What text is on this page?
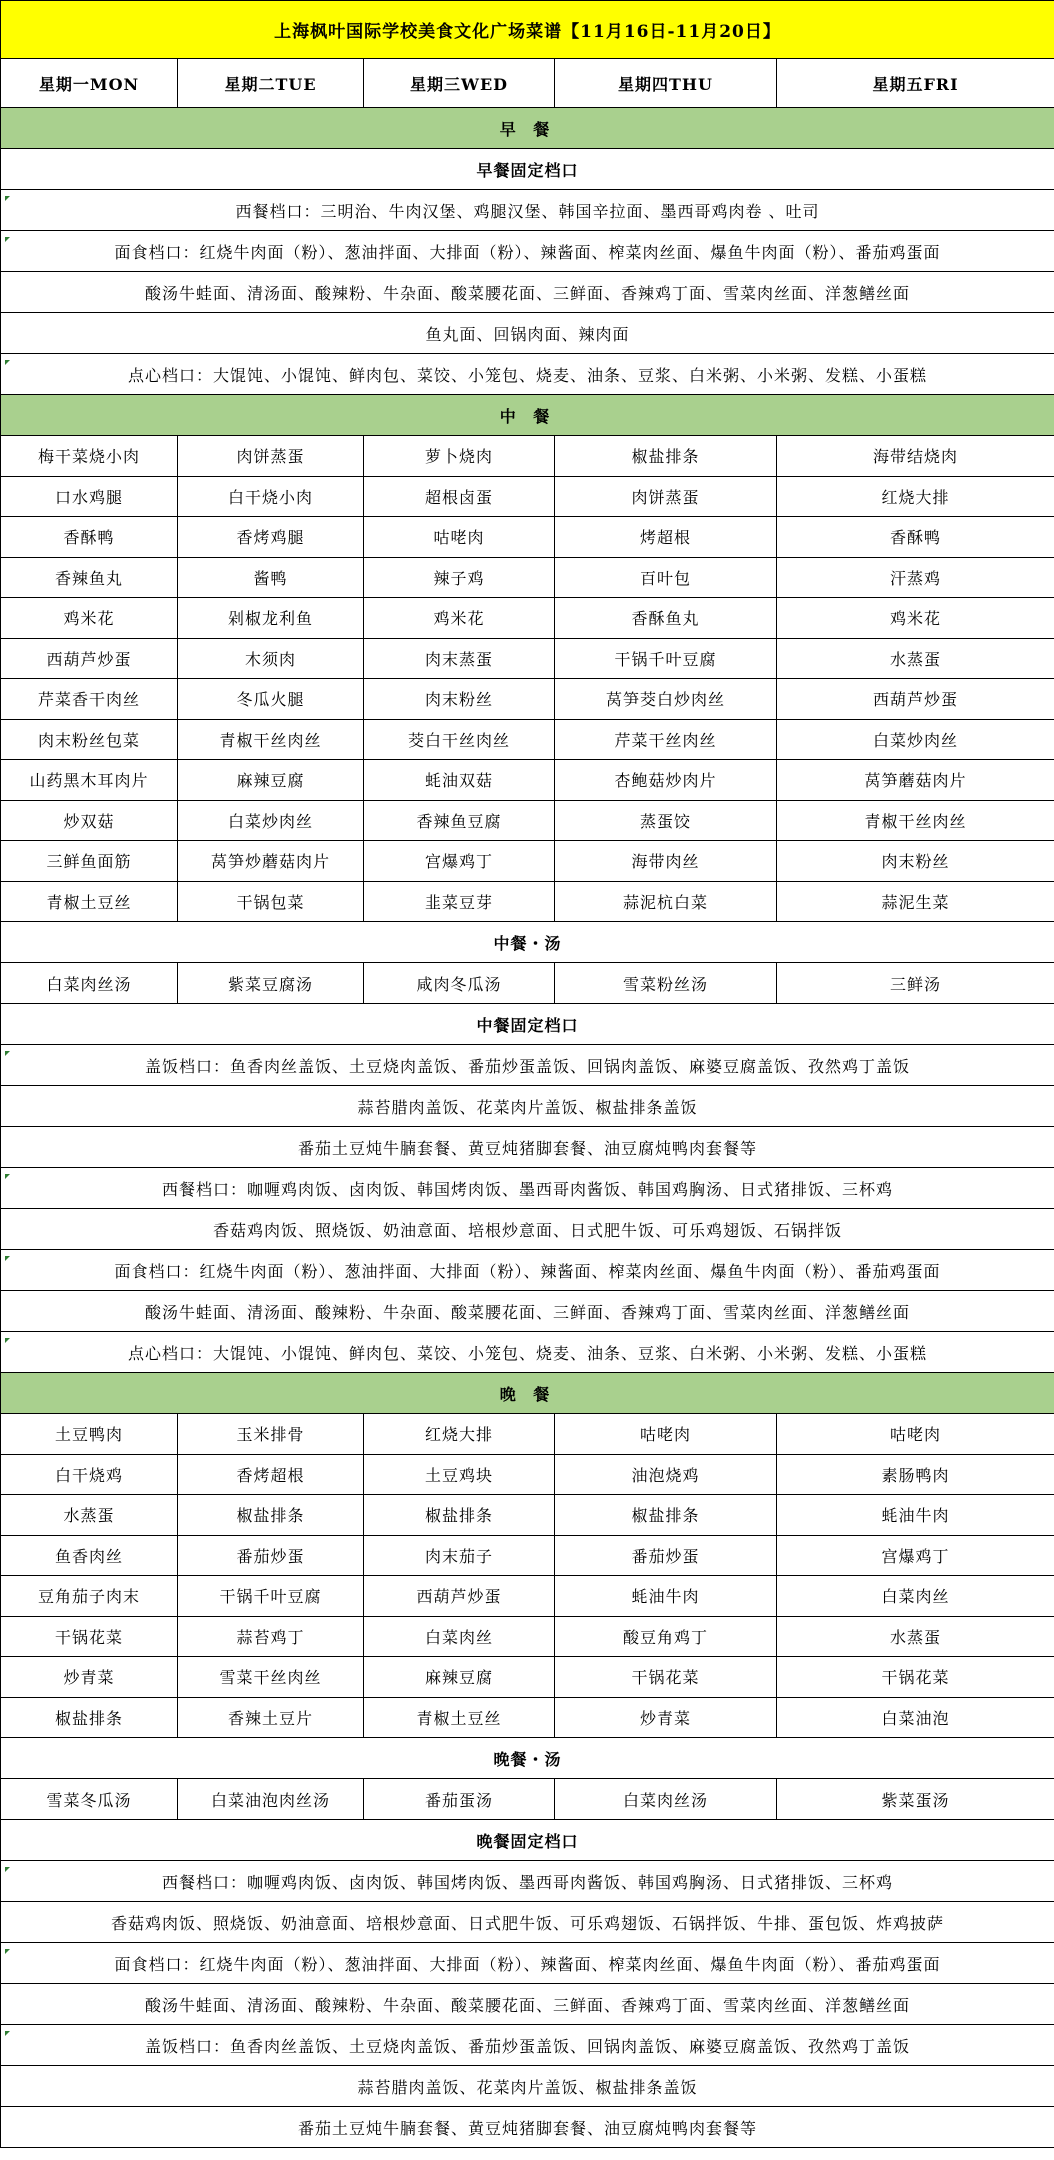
上海枫叶国际学校美食文化广场菜谱【11月16日-11月20日】				
星期一MON	星期二TUE	星期三WED	星期四THU	星期五FRI
早 餐				
早餐固定档口				
西餐档口：三明治、牛肉汉堡、鸡腿汉堡、韩国辛拉面、墨西哥鸡肉卷 、吐司				
面食档口：红烧牛肉面（粉）、葱油拌面、大排面（粉）、辣酱面、榨菜肉丝面、爆鱼牛肉面（粉）、番茄鸡蛋面				
酸汤牛蛙面、清汤面、酸辣粉、牛杂面、酸菜腰花面、三鲜面、香辣鸡丁面、雪菜肉丝面、洋葱鳝丝面				
鱼丸面、回锅肉面、辣肉面				
点心档口：大馄饨、小馄饨、鲜肉包、菜饺、小笼包、烧麦、油条、豆浆、白米粥、小米粥、发糕、小蛋糕				
中 餐				
梅干菜烧小肉	肉饼蒸蛋	萝卜烧肉	椒盐排条	海带结烧肉
口水鸡腿	白干烧小肉	超根卤蛋	肉饼蒸蛋	红烧大排
香酥鸭	香烤鸡腿	咕咾肉	烤超根	香酥鸭
香辣鱼丸	酱鸭	辣子鸡	百叶包	汗蒸鸡
鸡米花	剁椒龙利鱼	鸡米花	香酥鱼丸	鸡米花
西葫芦炒蛋	木须肉	肉末蒸蛋	干锅千叶豆腐	水蒸蛋
芹菜香干肉丝	冬瓜火腿	肉末粉丝	莴笋茭白炒肉丝	西葫芦炒蛋
肉末粉丝包菜	青椒干丝肉丝	茭白干丝肉丝	芹菜干丝肉丝	白菜炒肉丝
山药黑木耳肉片	麻辣豆腐	蚝油双菇	杏鲍菇炒肉片	莴笋蘑菇肉片
炒双菇	白菜炒肉丝	香辣鱼豆腐	蒸蛋饺	青椒干丝肉丝
三鲜鱼面筋	莴笋炒蘑菇肉片	宫爆鸡丁	海带肉丝	肉末粉丝
青椒土豆丝	干锅包菜	韭菜豆芽	蒜泥杭白菜	蒜泥生菜
中餐・汤				
白菜肉丝汤	紫菜豆腐汤	咸肉冬瓜汤	雪菜粉丝汤	三鲜汤
中餐固定档口				
盖饭档口：鱼香肉丝盖饭、土豆烧肉盖饭、番茄炒蛋盖饭、回锅肉盖饭、麻婆豆腐盖饭、孜然鸡丁盖饭				
蒜苔腊肉盖饭、花菜肉片盖饭、椒盐排条盖饭				
番茄土豆炖牛腩套餐、黄豆炖猪脚套餐、油豆腐炖鸭肉套餐等				
西餐档口：咖喱鸡肉饭、卤肉饭、韩国烤肉饭、墨西哥肉酱饭、韩国鸡胸汤、日式猪排饭、三杯鸡				
香菇鸡肉饭、照烧饭、奶油意面、培根炒意面、日式肥牛饭、可乐鸡翅饭、石锅拌饭				
面食档口：红烧牛肉面（粉）、葱油拌面、大排面（粉）、辣酱面、榨菜肉丝面、爆鱼牛肉面（粉）、番茄鸡蛋面				
酸汤牛蛙面、清汤面、酸辣粉、牛杂面、酸菜腰花面、三鲜面、香辣鸡丁面、雪菜肉丝面、洋葱鳝丝面				
点心档口：大馄饨、小馄饨、鲜肉包、菜饺、小笼包、烧麦、油条、豆浆、白米粥、小米粥、发糕、小蛋糕				
晚 餐				
土豆鸭肉	玉米排骨	红烧大排	咕咾肉	咕咾肉
白干烧鸡	香烤超根	土豆鸡块	油泡烧鸡	素肠鸭肉
水蒸蛋	椒盐排条	椒盐排条	椒盐排条	蚝油牛肉
鱼香肉丝	番茄炒蛋	肉末茄子	番茄炒蛋	宫爆鸡丁
豆角茄子肉末	干锅千叶豆腐	西葫芦炒蛋	蚝油牛肉	白菜肉丝
干锅花菜	蒜苔鸡丁	白菜肉丝	酸豆角鸡丁	水蒸蛋
炒青菜	雪菜干丝肉丝	麻辣豆腐	干锅花菜	干锅花菜
椒盐排条	香辣土豆片	青椒土豆丝	炒青菜	白菜油泡
晚餐・汤				
雪菜冬瓜汤	白菜油泡肉丝汤	番茄蛋汤	白菜肉丝汤	紫菜蛋汤
晚餐固定档口				
西餐档口：咖喱鸡肉饭、卤肉饭、韩国烤肉饭、墨西哥肉酱饭、韩国鸡胸汤、日式猪排饭、三杯鸡				
香菇鸡肉饭、照烧饭、奶油意面、培根炒意面、日式肥牛饭、可乐鸡翅饭、石锅拌饭、牛排、蛋包饭、炸鸡披萨				
面食档口：红烧牛肉面（粉）、葱油拌面、大排面（粉）、辣酱面、榨菜肉丝面、爆鱼牛肉面（粉）、番茄鸡蛋面				
酸汤牛蛙面、清汤面、酸辣粉、牛杂面、酸菜腰花面、三鲜面、香辣鸡丁面、雪菜肉丝面、洋葱鳝丝面				
盖饭档口：鱼香肉丝盖饭、土豆烧肉盖饭、番茄炒蛋盖饭、回锅肉盖饭、麻婆豆腐盖饭、孜然鸡丁盖饭				
蒜苔腊肉盖饭、花菜肉片盖饭、椒盐排条盖饭				
番茄土豆炖牛腩套餐、黄豆炖猪脚套餐、油豆腐炖鸭肉套餐等				
